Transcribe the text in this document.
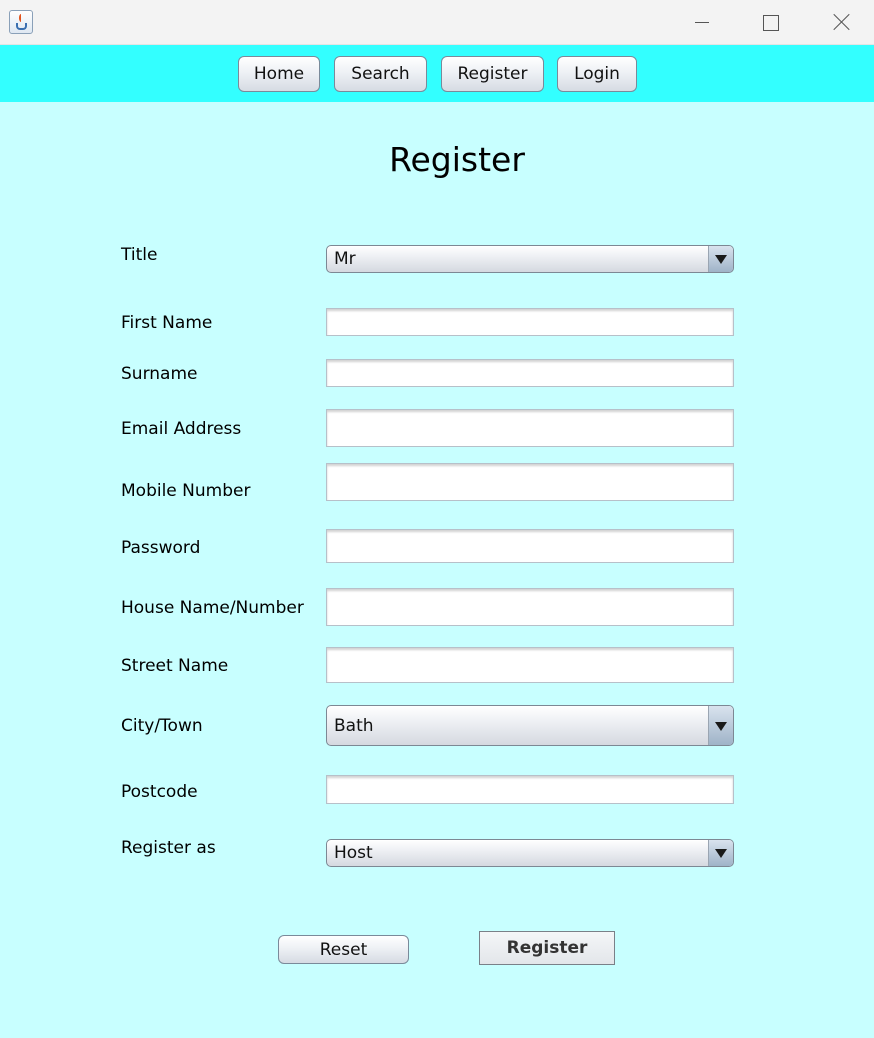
Home	Search	Register	Login
Register
Title	Mr
First Name
Surname
Email Address
Mobile Number
Password
House Name/Number
Street Name
City/Town	Bath
Postcode
Register as	Host
Reset	Register
